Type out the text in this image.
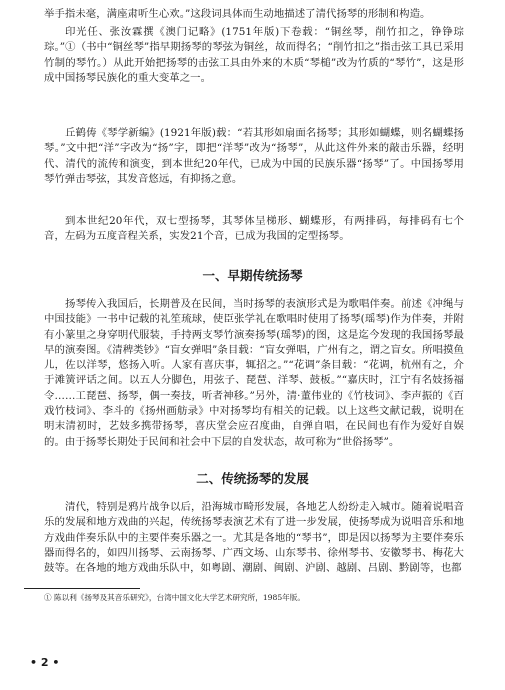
举手指未毫，满座肃听生心欢。”这段词具体而生动地描述了清代扬琴的形制和构造。

印光任、张汝霖撰《澳门记略》(1751年版)下卷载：“铜丝琴，削竹扣之，铮铮琮琮。”①（书中“铜丝琴”指早期扬琴的琴弦为铜丝，故而得名；“削竹扣之”指击弦工具已采用竹制的琴竹。）从此开始把扬琴的击弦工具由外来的木质“琴槌”改为竹质的“琴竹”，这是形成中国扬琴民族化的重大变革之一。

丘鹤俦《琴学新编》(1921年版)载：“若其形如扇面名扬琴；其形如蝴蝶，则名蝴蝶扬琴。”文中把“洋”字改为“扬”字，即把“洋琴”改为“扬琴”，从此这件外来的敲击乐器，经明代、清代的流传和演变，到本世纪20年代，已成为中国的民族乐器“扬琴”了。中国扬琴用琴竹弹击琴弦，其发音悠远，有抑扬之意。

到本世纪20年代，双七型扬琴，其琴体呈梯形、蝴蝶形，有两排码，每排码有七个音，左码为五度音程关系，实发21个音，已成为我国的定型扬琴。

一、早期传统扬琴

扬琴传入我国后，长期普及在民间，当时扬琴的表演形式是为歌唱伴奏。前述《冲绳与中国技能》一书中记载的礼笙琉球，使臣张学礼在歌唱时使用了扬琴(瑶琴)作为伴奏，并附有小篆里之身穿明代服装，手持两支琴竹演奏扬琴(瑶琴)的图，这是迄今发现的我国扬琴最早的演奏图。《清稗类钞》“盲女弹唱”条目载：“盲女弹唱，广州有之，谓之盲女。所唱摸鱼儿，佐以洋琴，悠扬入听。人家有喜庆事，辄招之。”“花调”条目载：“花调，杭州有之，介于滩簧评话之间。以五人分脚色，用弦子、琵琶、洋琴、鼓板。”“嘉庆时，江宁有名妓扬福令……工琵琶、扬琴，偶一奏技，听者神移。”另外，清·董伟业的《竹枝词》、李声振的《百戏竹枝词》、李斗的《扬州画舫录》中对扬琴均有相关的记载。以上这些文献记载，说明在明末清初时，艺妓多携带扬琴，喜庆堂会应召度曲，自弹自唱，在民间也有作为爱好自娱的。由于扬琴长期处于民间和社会中下层的自发状态，故可称为“世俗扬琴”。

二、传统扬琴的发展

清代，特别是鸦片战争以后，沿海城市畸形发展，各地艺人纷纷走入城市。随着说唱音乐的发展和地方戏曲的兴起，传统扬琴表演艺术有了进一步发展，使扬琴成为说唱音乐和地方戏曲伴奏乐队中的主要伴奏乐器之一。尤其是各地的“琴书”，即是因以扬琴为主要伴奏乐器而得名的，如四川扬琴、云南扬琴、广西文场、山东琴书、徐州琴书、安徽琴书、梅花大鼓等。在各地的地方戏曲乐队中，如粤剧、潮剧、闽剧、沪剧、越剧、吕剧、黔剧等，也都

① 陈以利《扬琴及其音乐研究》，台湾中国文化大学艺术研究所，1985年版。

• 2 •
